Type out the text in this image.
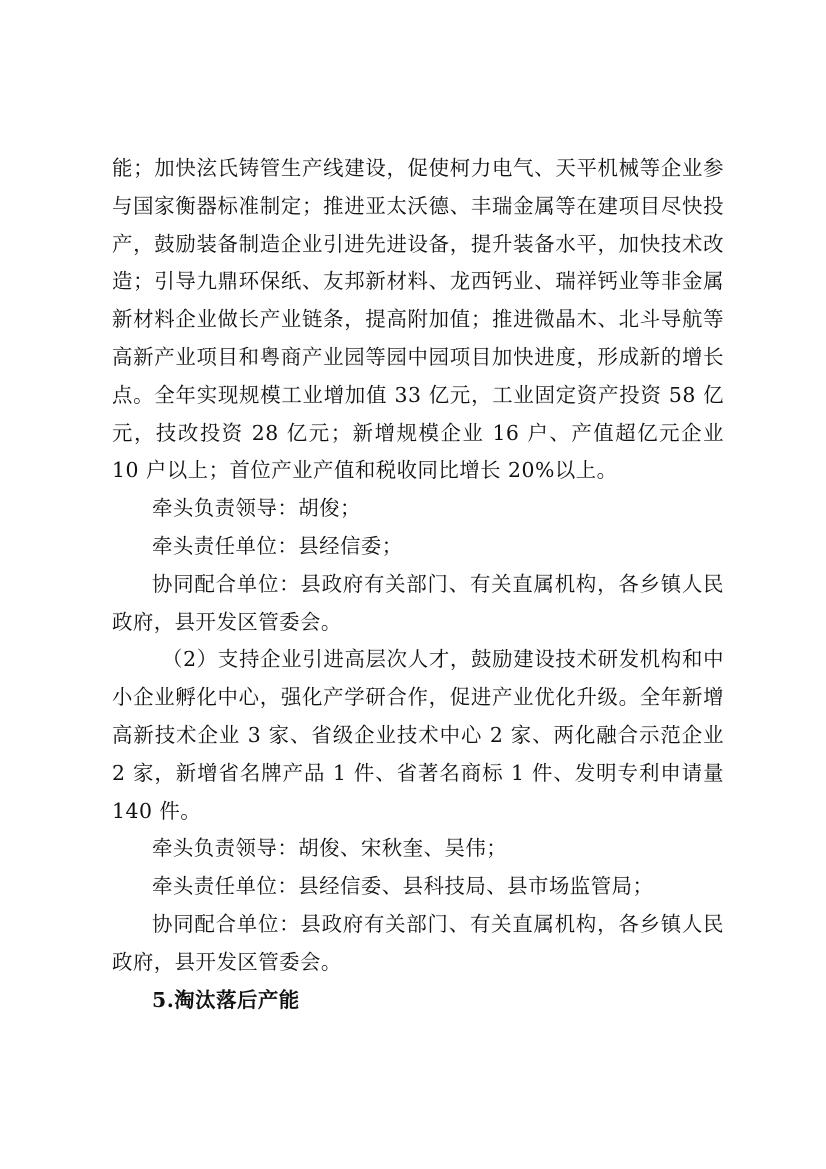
能；加快泫氏铸管生产线建设，促使柯力电气、天平机械等企业参与国家衡器标准制定；推进亚太沃德、丰瑞金属等在建项目尽快投产，鼓励装备制造企业引进先进设备，提升装备水平，加快技术改造；引导九鼎环保纸、友邦新材料、龙西钙业、瑞祥钙业等非金属新材料企业做长产业链条，提高附加值；推进微晶木、北斗导航等高新产业项目和粤商产业园等园中园项目加快进度，形成新的增长点。全年实现规模工业增加值 33 亿元，工业固定资产投资 58 亿元，技改投资 28 亿元；新增规模企业 16 户、产值超亿元企业 10 户以上；首位产业产值和税收同比增长 20%以上。

牵头负责领导：胡俊；

牵头责任单位：县经信委；

协同配合单位：县政府有关部门、有关直属机构，各乡镇人民政府，县开发区管委会。

（2）支持企业引进高层次人才，鼓励建设技术研发机构和中小企业孵化中心，强化产学研合作，促进产业优化升级。全年新增高新技术企业 3 家、省级企业技术中心 2 家、两化融合示范企业 2 家，新增省名牌产品 1 件、省著名商标 1 件、发明专利申请量 140 件。

牵头负责领导：胡俊、宋秋奎、吴伟；

牵头责任单位：县经信委、县科技局、县市场监管局；

协同配合单位：县政府有关部门、有关直属机构，各乡镇人民政府，县开发区管委会。

5.淘汰落后产能
